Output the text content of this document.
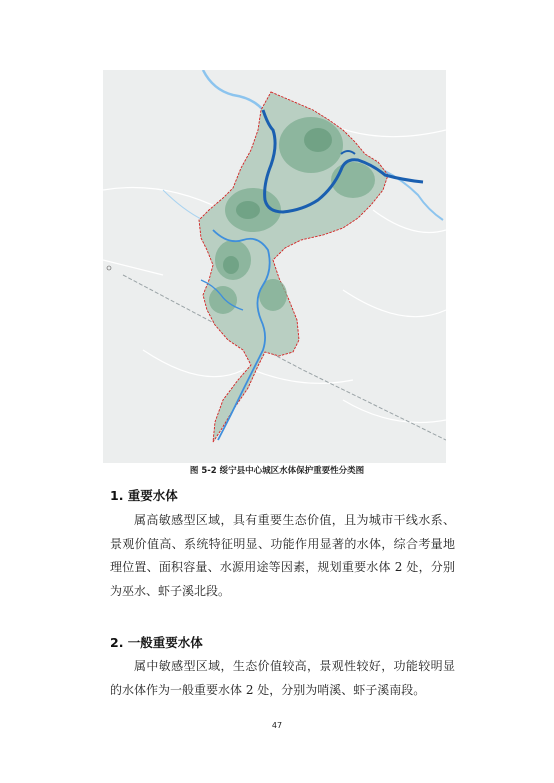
图 5-2 绥宁县中心城区水体保护重要性分类图
1. 重要水体

属高敏感型区域，具有重要生态价值，且为城市干线水系、景观价值高、系统特征明显、功能作用显著的水体，综合考量地理位置、面积容量、水源用途等因素，规划重要水体 2 处，分别为巫水、虾子溪北段。

2. 一般重要水体

属中敏感型区域，生态价值较高，景观性较好，功能较明显的水体作为一般重要水体 2 处，分别为哨溪、虾子溪南段。

47
